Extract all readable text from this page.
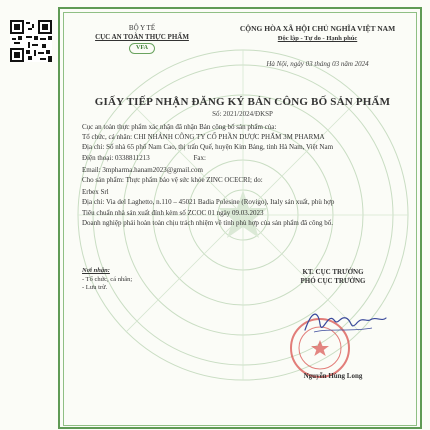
BỘ Y TẾ
CỤC AN TOÀN THỰC PHẨM
VFA
CỘNG HÒA XÃ HỘI CHỦ NGHĨA VIỆT NAM
Độc lập - Tự do - Hạnh phúc
Hà Nội, ngày 03 tháng 03 năm 2024
GIẤY TIẾP NHẬN ĐĂNG KÝ BẢN CÔNG BỐ SẢN PHẨM
Số: 2021/2024/ĐKSP
Cục an toàn thực phẩm xác nhận đã nhận Bản công bố sản phẩm của:
Tổ chức, cá nhân: CHI NHÁNH CÔNG TY CỔ PHẦN DƯỢC PHẨM 3M PHARMA
Địa chỉ: Số nhà 65 phố Nam Cao, thị trấn Quế, huyện Kim Bảng, tỉnh Hà Nam, Việt Nam
Điện thoại: 0338811213                         Fax:
Email: 3mpharma.hanam2023@gmail.com
Cho sản phẩm: Thực phẩm bảo vệ sức khỏe ZINC OCECRI; do:
Erbex Srl
Địa chỉ: Via del Laghetto, n.110 – 45021 Badia Polesine (Rovigo), Italy sản xuất, phù hợp
Tiêu chuẩn nhà sản xuất đính kèm số ZCOC 01 ngày 09.03.2023
Doanh nghiệp phải hoàn toàn chịu trách nhiệm về tính phù hợp của sản phẩm đã công bố.
Nơi nhận:
- Tổ chức, cá nhân;
- Lưu trữ.
KT. CỤC TRƯỞNG
PHÓ CỤC TRƯỞNG
Nguyễn Hùng Long
